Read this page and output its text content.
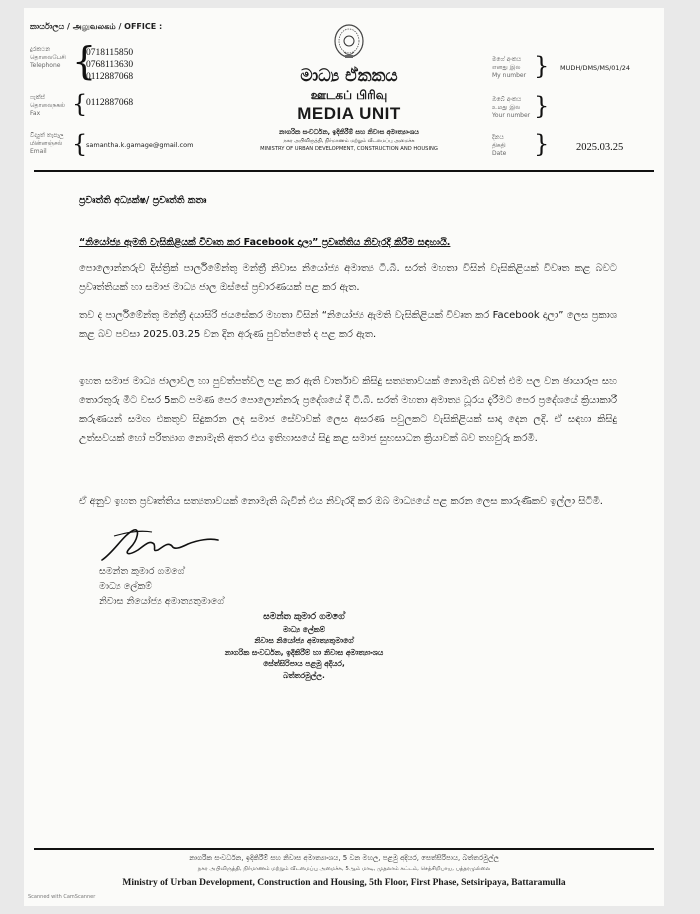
කාර්යාලය / அலுவலகம் / OFFICE :
දුරකථන
தொலைபேசி
Telephone {
0718115850
0768113630
0112887068
ෆැක්ස්
தொலைநகல்
Fax	{
0112887068
විද්‍යුත් තැපෑල
மின்னஞ்சல்
Email	{
samantha.k.gamage@gmail.com
මාධ්‍ය ඒකකය
ஊடகப் பிரிவு
MEDIA UNIT
නාගරික සංවර්ධන, ඉදිකිරීම් සහ නිවාස අමාත්‍යාංශය
நகர அபிவிருத்தி, நிர்மாணம் மற்றும் வீடமைப்பு அமைச்சு
MINISTRY OF URBAN DEVELOPMENT, CONSTRUCTION AND HOUSING
මගේ අංකය
எனது இல
My number } MUDH/DMS/MS/01/24
ඔබේ අංකය
உமது இல
Your number }
දිනය
திகதி
Date }	2025.03.25
ප්‍රවෘත්ති අධ්‍යක්ෂ/ ප්‍රවෘත්ති කතෘ
“නියෝජ්‍ය ඇමති වැසිකිළියක් විවෘත කර Facebook දාලා” ප්‍රවෘත්තිය නිවැරදි කිරීම සඳහායි.
පොලොන්නරුව දිස්ත්‍රික් පාර්ලිමේන්තු මන්ත්‍රී නිවාස නියෝජ්‍ය අමාත්‍ය ටී.බී. සරත් මහතා විසින් වැසිකිළියක් විවෘත කළ බවට ප්‍රවෘත්තියක් හා සමාජ මාධ්‍ය ජාල ඔස්සේ ප්‍රචාරණයක් පළ කර ඇත.
තව ද පාර්ලිමේන්තු මන්ත්‍රී දයාසිරි ජයසේකර මහතා විසින් “නියෝජ්‍ය ඇමති වැසිකිළියක් විවෘත කර Facebook දාලා” ලෙස ප්‍රකාශ කළ බව පවසා 2025.03.25 වන දින අරුණ පුවත්පතේ ද පළ කර ඇත.
ඉහත සමාජ මාධ්‍ය ජාලාවල හා පුවත්පත්වල පළ කර ඇති වාර්තාව කිසිදු සත්‍යතාවයක් නොමැති බවත් එම පල වන ඡායාරූප සහ තොරතුරු මීට වසර 5කට පමණ පෙර පොලොන්නරු ප්‍රදේශයේ දී ටී.බී. සරත් මහතා අමාත්‍ය ධූරය දැරීමට පෙර ප්‍රදේශයේ ක්‍රියාකාරී කරුණයන් සමඟ එකතුව සිදුකරන ලද සමාජ සේවාවක් ලෙස අසරණ පවුලකට වැසිකිළියක් සාදා දෙන ලදි. ඒ සඳහා කිසිදු උත්සවයක් හෝ පරිත්‍යාග නොමැති අතර එය ඉතිහාසයේ සිදු කළ සමාජ සුභසාධන ක්‍රියාවක් බව තහවුරු කරමි.
ඒ අනුව ඉහත ප්‍රවෘත්තිය සත්‍යතාවයක් නොමැති බැවින් එය නිවැරදි කර ඔබ මාධ්‍යයේ පළ කරන ලෙස කාරුණිකව ඉල්ලා සිටිමි.
සමන්ත කුමාර ගමගේ
මාධ්‍ය ලේකම්
නිවාස නියෝජ්‍ය අමාත්‍යතුමාගේ
සමන්ත කුමාර ගමගේ
මාධ්‍ය ලේකම්
නිවාස නියෝජ්‍ය අමාත්‍යතුමාගේ
නාගරික සංවර්ධන, ඉදිකිරීම් හා නිවාස අමාත්‍යාංශය
සේත්සිරිපාය පළමු අදියර,
බත්තරමුල්ල.
නාගරික සංවර්ධන, ඉදිකිරීම් සහ නිවාස අමාත්‍යාංශය, 5 වන මහල, පළමු අදියර, සෙත්සිරිපාය, බත්තරමුල්ල
நகர அபிவிருத்தி, நிர்மாணம் மற்றும் வீடமைப்பு அமைச்சு, 5ஆம் மாடி, முதலாம் கட்டம், செத்சிறிபாய, பத்தரமுல்லை
Ministry of Urban Development, Construction and Housing, 5th Floor, First Phase, Setsiripaya, Battaramulla
Scanned with CamScanner
